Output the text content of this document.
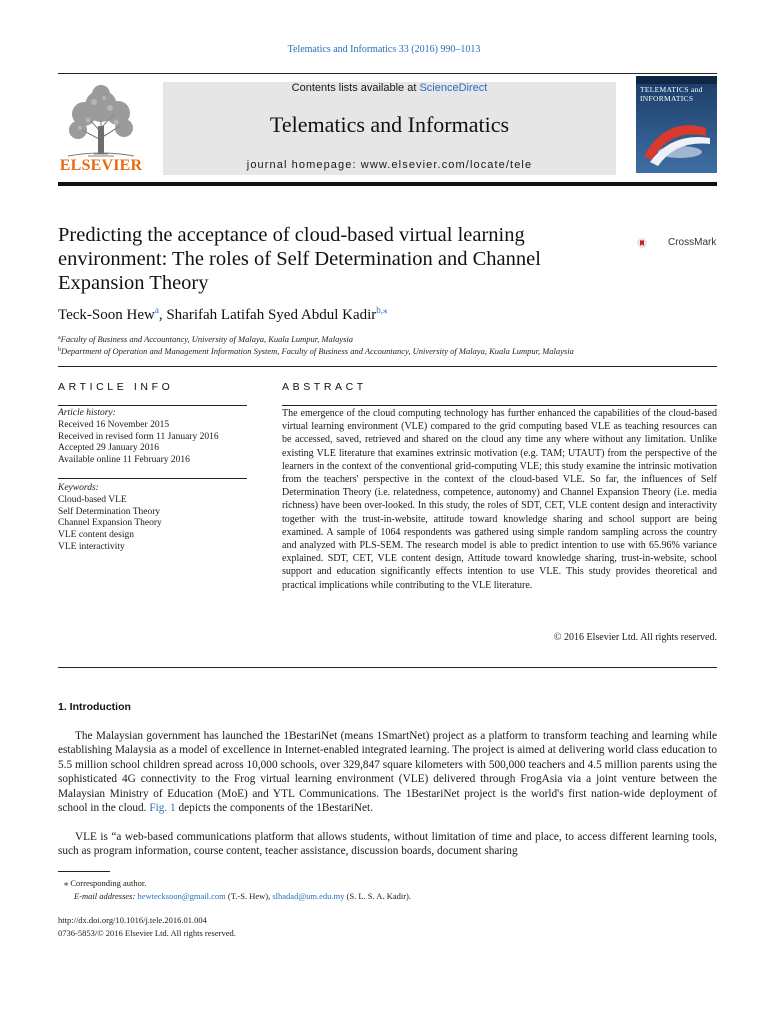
Telematics and Informatics 33 (2016) 990–1013
ELSEVIER
Contents lists available at ScienceDirect
Telematics and Informatics
journal homepage: www.elsevier.com/locate/tele
TELEMATICS and INFORMATICS
Predicting the acceptance of cloud-based virtual learning environment: The roles of Self Determination and Channel Expansion Theory
CrossMark
Teck-Soon Hew$^a$, Sharifah Latifah Syed Abdul Kadir$^{b,⁎}$
$^a$Faculty of Business and Accountancy, University of Malaya, Kuala Lumpur, Malaysia
$^b$Department of Operation and Management Information System, Faculty of Business and Accountancy, University of Malaya, Kuala Lumpur, Malaysia
ARTICLE INFO
Article history:
Received 16 November 2015
Received in revised form 11 January 2016
Accepted 29 January 2016
Available online 11 February 2016
Keywords:
Cloud-based VLE
Self Determination Theory
Channel Expansion Theory
VLE content design
VLE interactivity
ABSTRACT
The emergence of the cloud computing technology has further enhanced the capabilities of the cloud-based virtual learning environment (VLE) compared to the grid computing based VLE as teaching resources can be accessed, saved, retrieved and shared on the cloud any time any where without any limitation. Unlike existing VLE literature that examines extrinsic motivation (e.g. TAM; UTAUT) from the perspective of the learners in the context of the conventional grid-computing VLE; this study examine the intrinsic motivation from the teachers' perspective in the context of the cloud-based VLE. So far, the influences of Self Determination Theory (i.e. relatedness, competence, autonomy) and Channel Expansion Theory (i.e. media richness) have been over-looked. In this study, the roles of SDT, CET, VLE content design and interactivity together with the trust-in-website, attitude toward knowledge sharing and school support are being examined. A sample of 1064 respondents was gathered using simple random sampling across the country and analyzed with PLS-SEM. The research model is able to predict intention to use with 65.96% variance explained. SDT, CET, VLE content design, Attitude toward knowledge sharing, trust-in-website, school support and education significantly effects intention to use VLE. This study provides theoretical and practical implications while contributing to the VLE literature.
© 2016 Elsevier Ltd. All rights reserved.
1. Introduction
The Malaysian government has launched the 1BestariNet (means 1SmartNet) project as a platform to transform teaching and learning while establishing Malaysia as a model of excellence in Internet-enabled integrated learning. The project is aimed at delivering world class education to 5.5 million school children spread across 10,000 schools, over 329,847 square kilometers with 500,000 teachers and 4.5 million parents using the sophisticated 4G connectivity to the Frog virtual learning environment (VLE) delivered through FrogAsia via a joint venture between the Malaysian Ministry of Education (MoE) and YTL Communications. The 1BestariNet project is the world's first nation-wide deployment of school in the cloud. Fig. 1 depicts the components of the 1BestariNet.
VLE is “a web-based communications platform that allows students, without limitation of time and place, to access different learning tools, such as program information, course content, teacher assistance, discussion boards, document sharing
⁎ Corresponding author.
E-mail addresses: hewtecksoon@gmail.com (T.-S. Hew), slhadad@um.edu.my (S. L. S. A. Kadir).
http://dx.doi.org/10.1016/j.tele.2016.01.004
0736-5853/© 2016 Elsevier Ltd. All rights reserved.
